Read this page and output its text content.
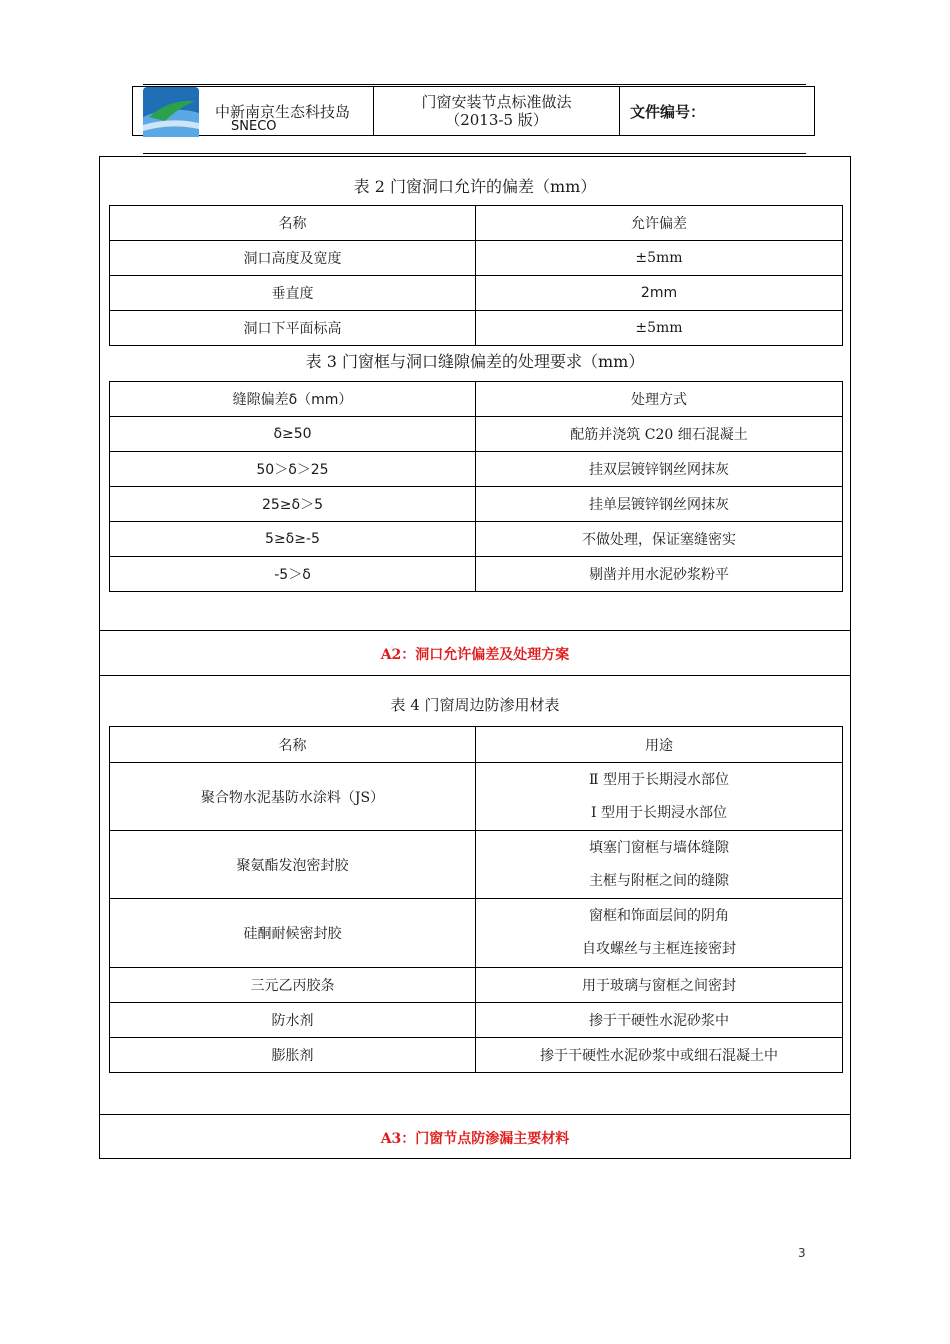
中新南京生态科技岛
SNECO
门窗安装节点标准做法
（2013-5 版）	文件编号：
表 2 门窗洞口允许的偏差（mm）
名称	允许偏差
洞口高度及宽度	±5mm
垂直度	2mm
洞口下平面标高	±5mm
表 3 门窗框与洞口缝隙偏差的处理要求（mm）
缝隙偏差δ（mm）	处理方式
δ≥50	配筋并浇筑 C20 细石混凝土
50＞δ＞25	挂双层镀锌钢丝网抹灰
25≥δ＞5	挂单层镀锌钢丝网抹灰
5≥δ≥-5	不做处理，保证塞缝密实
-5＞δ	剔凿并用水泥砂浆粉平
A2：洞口允许偏差及处理方案
表 4 门窗周边防渗用材表
名称	用途
聚合物水泥基防水涂料（JS）	Ⅱ 型用于长期浸水部位
Ⅰ 型用于长期浸水部位

聚氨酯发泡密封胶	填塞门窗框与墙体缝隙
主框与附框之间的缝隙

硅酮耐候密封胶	窗框和饰面层间的阴角
自攻螺丝与主框连接密封

三元乙丙胶条	用于玻璃与窗框之间密封
防水剂	掺于干硬性水泥砂浆中
膨胀剂	掺于干硬性水泥砂浆中或细石混凝土中
A3：门窗节点防渗漏主要材料
3
